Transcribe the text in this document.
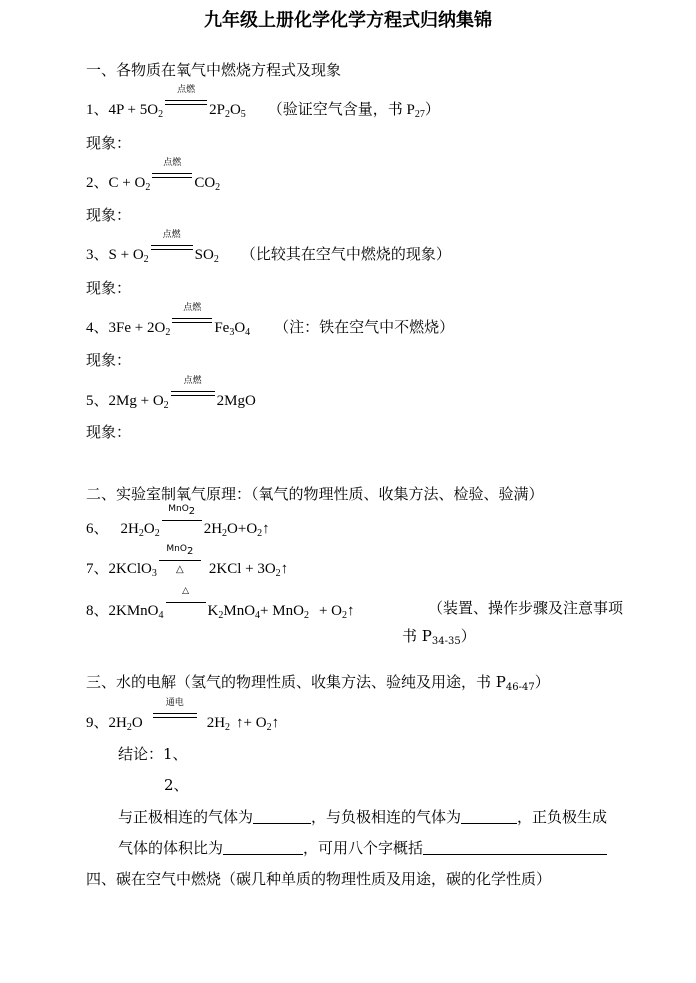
九年级上册化学化学方程式归纳集锦
一、各物质在氧气中燃烧方程式及现象
1、$4P + 5O_2$
点燃
$2P_2O_5$ （验证空气含量，书 $P_{27}$）
现象：
2、$C + O_2$
点燃
$CO_2$
现象：
3、$S + O_2$
点燃
$SO_2$ （比较其在空气中燃烧的现象）
现象：
4、$3Fe + 2O_2$
点燃
$Fe_3O_4$ （注：铁在空气中不燃烧）
现象：
5、$2Mg + O_2$
点燃
2MgO
现象：
二、实验室制氧气原理：（氧气的物理性质、收集方法、检验、验满）
6、 $2H_2O_2$
MnO$_2$
$2H_2O+O_2↑$
7、2KClO$_3$
MnO$_2$
△	$2KCl + 3O_2↑$
8、2KMnO$_4$
△
$K_2MnO_4+ MnO_2$ + $O_2↑$	（装置、操作步骤及注意事项
书 $P_{34-35}$）
三、水的电解（氢气的物理性质、收集方法、验纯及用途，书 $P_{46-47}$）
9、$2H_2O$
通电
$2H_2$ ↑+ $O_2↑$
结论：1、
2、
与正极相连的气体为	，与负极相连的气体为	，正负极生成
气体的体积比为	，可用八个字概括
四、碳在空气中燃烧（碳几种单质的物理性质及用途，碳的化学性质）
